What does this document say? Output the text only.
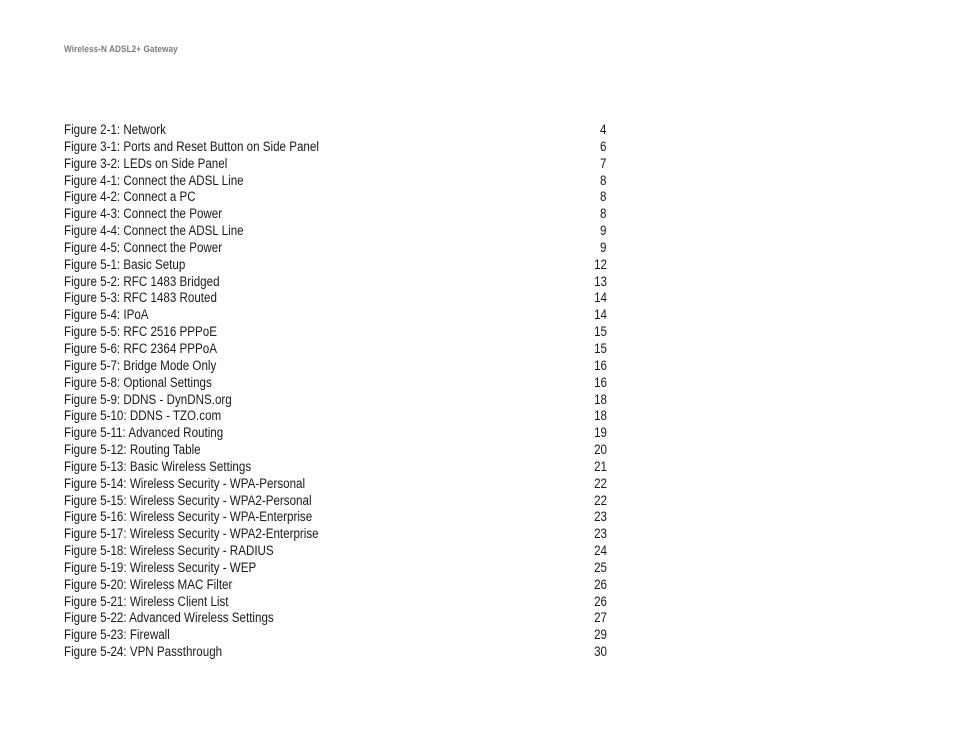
Wireless-N ADSL2+ Gateway
Figure 2-1: Network	4
Figure 3-1: Ports and Reset Button on Side Panel	6
Figure 3-2: LEDs on Side Panel	7
Figure 4-1: Connect the ADSL Line	8
Figure 4-2: Connect a PC	8
Figure 4-3: Connect the Power	8
Figure 4-4: Connect the ADSL Line	9
Figure 4-5: Connect the Power	9
Figure 5-1: Basic Setup	12
Figure 5-2: RFC 1483 Bridged	13
Figure 5-3: RFC 1483 Routed	14
Figure 5-4: IPoA	14
Figure 5-5: RFC 2516 PPPoE	15
Figure 5-6: RFC 2364 PPPoA	15
Figure 5-7: Bridge Mode Only	16
Figure 5-8: Optional Settings	16
Figure 5-9: DDNS - DynDNS.org	18
Figure 5-10: DDNS - TZO.com	18
Figure 5-11: Advanced Routing	19
Figure 5-12: Routing Table	20
Figure 5-13: Basic Wireless Settings	21
Figure 5-14: Wireless Security - WPA-Personal	22
Figure 5-15: Wireless Security - WPA2-Personal	22
Figure 5-16: Wireless Security - WPA-Enterprise	23
Figure 5-17: Wireless Security - WPA2-Enterprise	23
Figure 5-18: Wireless Security - RADIUS	24
Figure 5-19: Wireless Security - WEP	25
Figure 5-20: Wireless MAC Filter	26
Figure 5-21: Wireless Client List	26
Figure 5-22: Advanced Wireless Settings	27
Figure 5-23: Firewall	29
Figure 5-24: VPN Passthrough	30
